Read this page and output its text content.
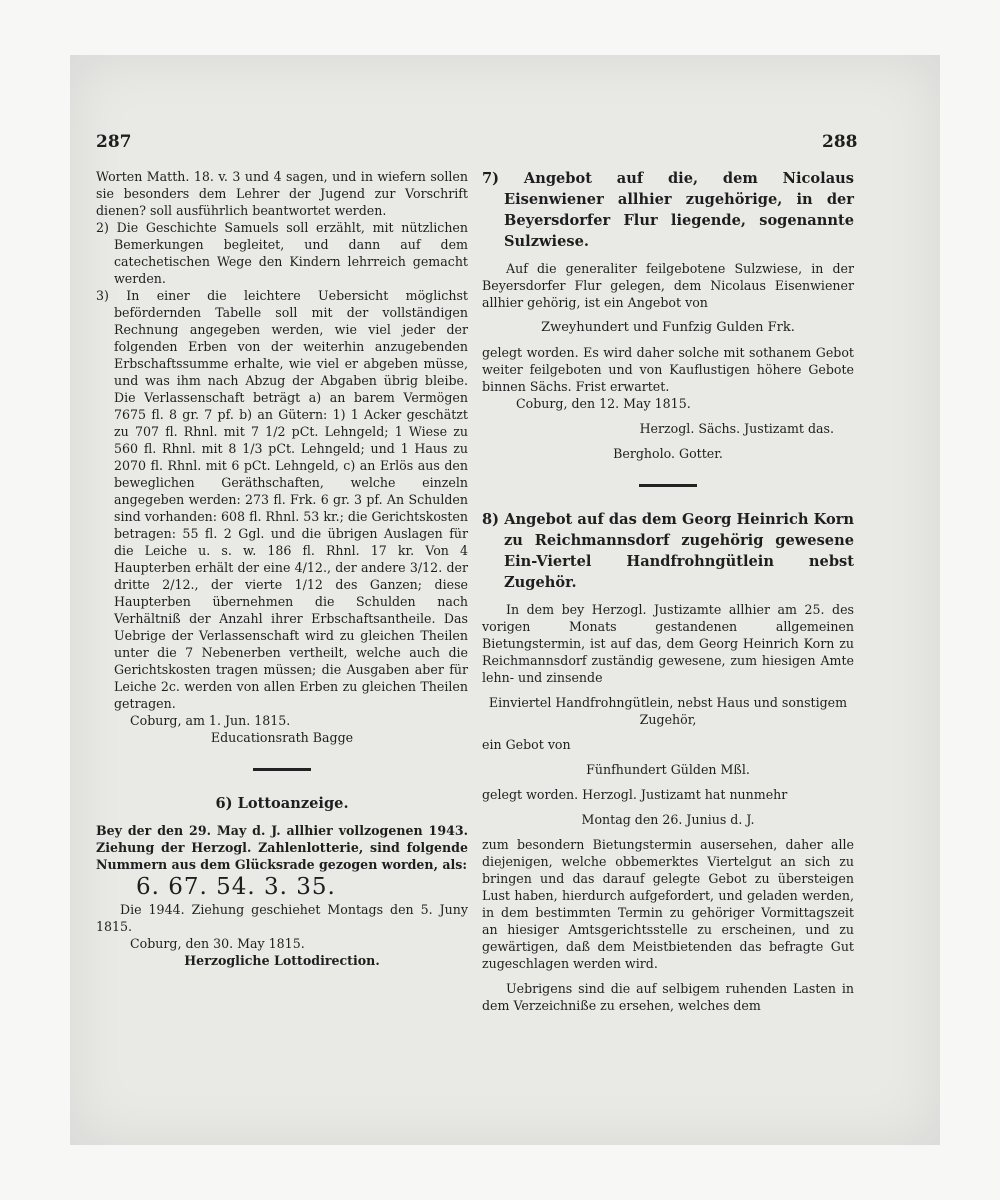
287	288

Worten Matth. 18. v. 3 und 4 sagen, und in wiefern sollen sie besonders dem Lehrer der Jugend zur Vorschrift dienen? soll ausführlich beantwortet werden.

2) Die Geschichte Samuels soll erzählt, mit nützlichen Bemerkungen begleitet, und dann auf dem catechetischen Wege den Kindern lehrreich gemacht werden.

3) In einer die leichtere Uebersicht möglichst befördernden Tabelle soll mit der vollständigen Rechnung angegeben werden, wie viel jeder der folgenden Erben von der weiterhin anzugebenden Erbschaftssumme erhalte, wie viel er abgeben müsse, und was ihm nach Abzug der Abgaben übrig bleibe. Die Verlassenschaft beträgt a) an barem Vermögen 7675 fl. 8 gr. 7 pf. b) an Gütern: 1) 1 Acker geschätzt zu 707 fl. Rhnl. mit 7 1/2 pCt. Lehngeld; 1 Wiese zu 560 fl. Rhnl. mit 8 1/3 pCt. Lehngeld; und 1 Haus zu 2070 fl. Rhnl. mit 6 pCt. Lehngeld, c) an Erlös aus den beweglichen Geräthschaften, welche einzeln angegeben werden: 273 fl. Frk. 6 gr. 3 pf. An Schulden sind vorhanden: 608 fl. Rhnl. 53 kr.; die Gerichtskosten betragen: 55 fl. 2 Ggl. und die übrigen Auslagen für die Leiche u. s. w. 186 fl. Rhnl. 17 kr. Von 4 Haupterben erhält der eine 4/12., der andere 3/12. der dritte 2/12., der vierte 1/12 des Ganzen; diese Haupterben übernehmen die Schulden nach Verhältniß der Anzahl ihrer Erbschaftsantheile. Das Uebrige der Verlassenschaft wird zu gleichen Theilen unter die 7 Nebenerben vertheilt, welche auch die Gerichtskosten tragen müssen; die Ausgaben aber für Leiche 2c. werden von allen Erben zu gleichen Theilen getragen.

Coburg, am 1. Jun. 1815.

Educationsrath Bagge

6) Lottoanzeige.

Bey der den 29. May d. J. allhier vollzogenen 1943. Ziehung der Herzogl. Zahlenlotterie, sind folgende Nummern aus dem Glücksrade gezogen worden, als:

6. 67. 54. 3. 35.

Die 1944. Ziehung geschiehet Montags den 5. Juny 1815.

Coburg, den 30. May 1815.

Herzogliche Lottodirection.

7) Angebot auf die, dem Nicolaus Eisenwiener allhier zugehörige, in der Beyersdorfer Flur liegende, sogenannte Sulzwiese.

Auf die generaliter feilgebotene Sulzwiese, in der Beyersdorfer Flur gelegen, dem Nicolaus Eisenwiener allhier gehörig, ist ein Angebot von

Zweyhundert und Funfzig Gulden Frk.

gelegt worden. Es wird daher solche mit sothanem Gebot weiter feilgeboten und von Kauflustigen höhere Gebote binnen Sächs. Frist erwartet.

Coburg, den 12. May 1815.

Herzogl. Sächs. Justizamt das.

Bergholo. Gotter.

8) Angebot auf das dem Georg Heinrich Korn zu Reichmannsdorf zugehörig gewesene Ein-Viertel Handfrohngütlein nebst Zugehör.

In dem bey Herzogl. Justizamte allhier am 25. des vorigen Monats gestandenen allgemeinen Bietungstermin, ist auf das, dem Georg Heinrich Korn zu Reichmannsdorf zuständig gewesene, zum hiesigen Amte lehn- und zinsende

Einviertel Handfrohngütlein, nebst Haus und sonstigem Zugehör,

ein Gebot von

Fünfhundert Gülden Mßl.

gelegt worden. Herzogl. Justizamt hat nunmehr

Montag den 26. Junius d. J.

zum besondern Bietungstermin ausersehen, daher alle diejenigen, welche obbemerktes Viertelgut an sich zu bringen und das darauf gelegte Gebot zu übersteigen Lust haben, hierdurch aufgefordert, und geladen werden, in dem bestimmten Termin zu gehöriger Vormittagszeit an hiesiger Amtsgerichtsstelle zu erscheinen, und zu gewärtigen, daß dem Meistbietenden das befragte Gut zugeschlagen werden wird.

Uebrigens sind die auf selbigem ruhenden Lasten in dem Verzeichniße zu ersehen, welches dem
